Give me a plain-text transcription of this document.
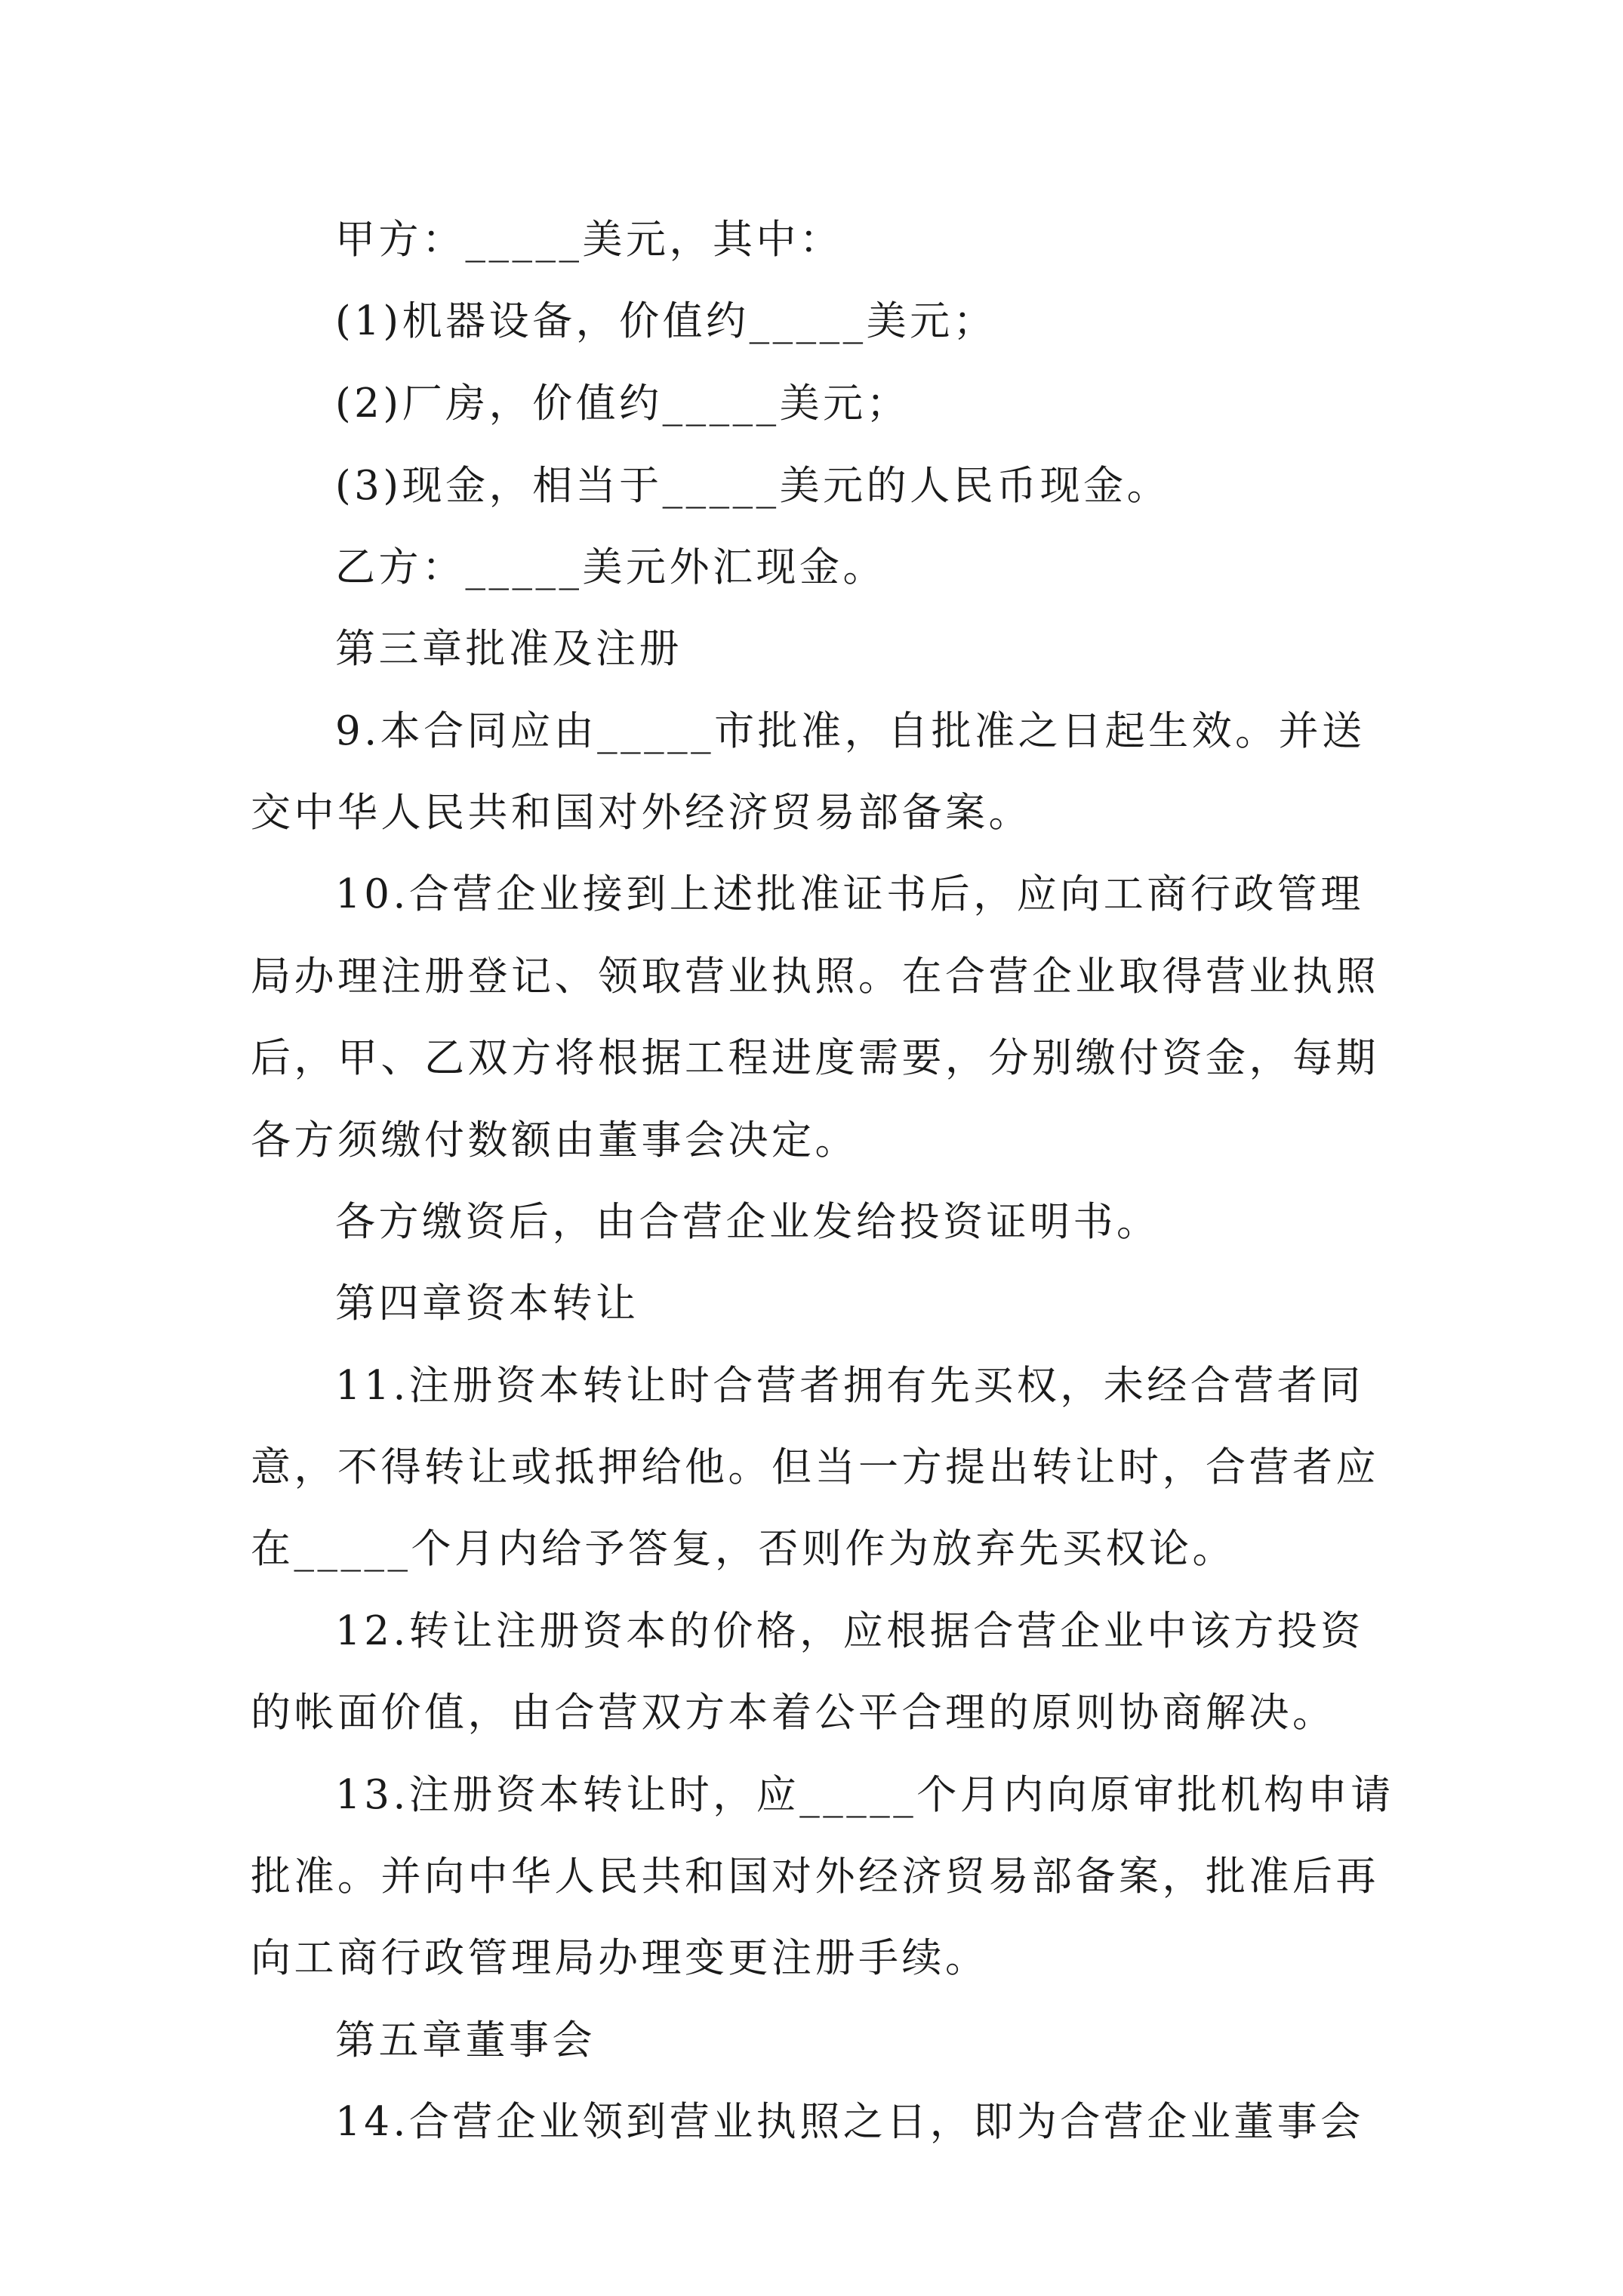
甲方：_____美元，其中：
(1)机器设备，价值约_____美元；
(2)厂房，价值约_____美元；
(3)现金，相当于_____美元的人民币现金。
乙方：_____美元外汇现金。
第三章批准及注册
9.本合同应由_____市批准，自批准之日起生效。并送
交中华人民共和国对外经济贸易部备案。
10.合营企业接到上述批准证书后，应向工商行政管理
局办理注册登记、领取营业执照。在合营企业取得营业执照
后，甲、乙双方将根据工程进度需要，分别缴付资金，每期
各方须缴付数额由董事会决定。
各方缴资后，由合营企业发给投资证明书。
第四章资本转让
11.注册资本转让时合营者拥有先买权，未经合营者同
意，不得转让或抵押给他。但当一方提出转让时，合营者应
在_____个月内给予答复，否则作为放弃先买权论。
12.转让注册资本的价格，应根据合营企业中该方投资
的帐面价值，由合营双方本着公平合理的原则协商解决。
13.注册资本转让时，应_____个月内向原审批机构申请
批准。并向中华人民共和国对外经济贸易部备案，批准后再
向工商行政管理局办理变更注册手续。
第五章董事会
14.合营企业领到营业执照之日，即为合营企业董事会
